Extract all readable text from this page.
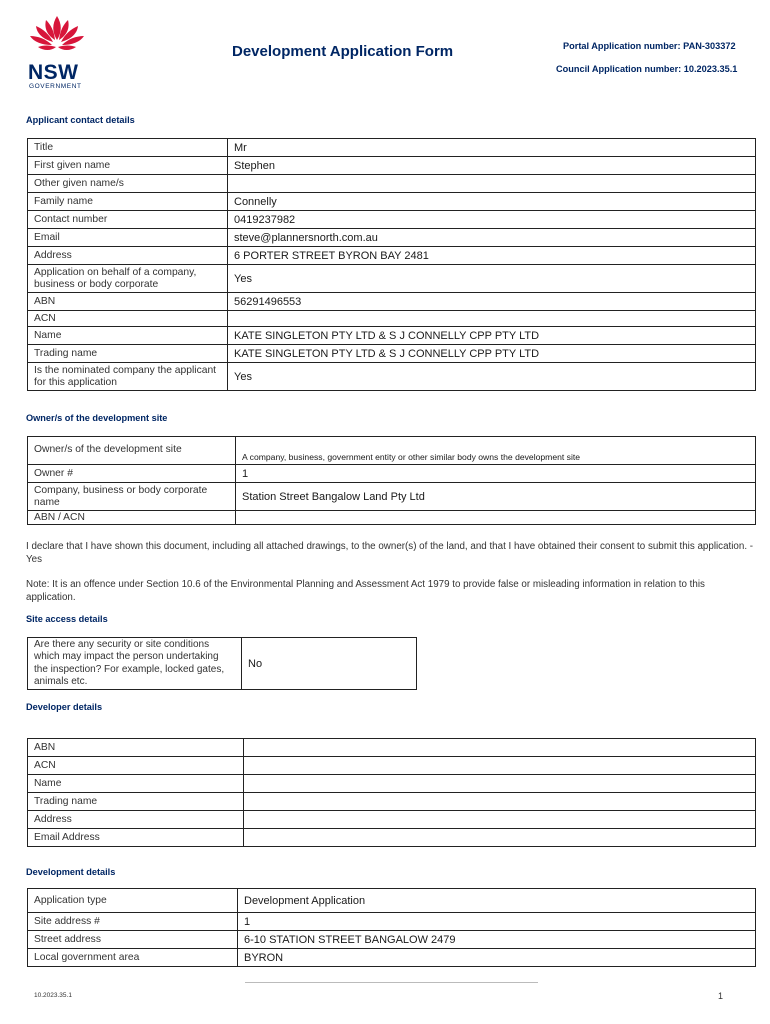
NSW
GOVERNMENT
Development Application Form	Portal Application number: PAN-303372
Council Application number: 10.2023.35.1
Applicant contact details
Title	Mr
First given name	Stephen
Other given name/s	
Family name	Connelly
Contact number	0419237982
Email	steve@plannersnorth.com.au
Address	6 PORTER STREET BYRON BAY 2481
Application on behalf of a company, business or body corporate	Yes
ABN	56291496553
ACN	
Name	KATE SINGLETON PTY LTD & S J CONNELLY CPP PTY LTD
Trading name	KATE SINGLETON PTY LTD & S J CONNELLY CPP PTY LTD
Is the nominated company the applicant for this application	Yes
Owner/s of the development site
Owner/s of the development site	A company, business, government entity or other similar body owns the development site
Owner #	1
Company, business or body corporate name	Station Street Bangalow Land Pty Ltd
ABN / ACN	
I declare that I have shown this document, including all attached drawings, to the owner(s) of the land, and that I have obtained their consent to submit this application. - Yes
Note: It is an offence under Section 10.6 of the Environmental Planning and Assessment Act 1979 to provide false or misleading information in relation to this application.
Site access details
Are there any security or site conditions which may impact the person undertaking the inspection? For example, locked gates, animals etc.	No
Developer details
ABN	
ACN	
Name	
Trading name	
Address	
Email Address	
Development details
Application type	Development Application
Site address #	1
Street address	6-10 STATION STREET BANGALOW 2479
Local government area	BYRON
10.2023.35.1	1
